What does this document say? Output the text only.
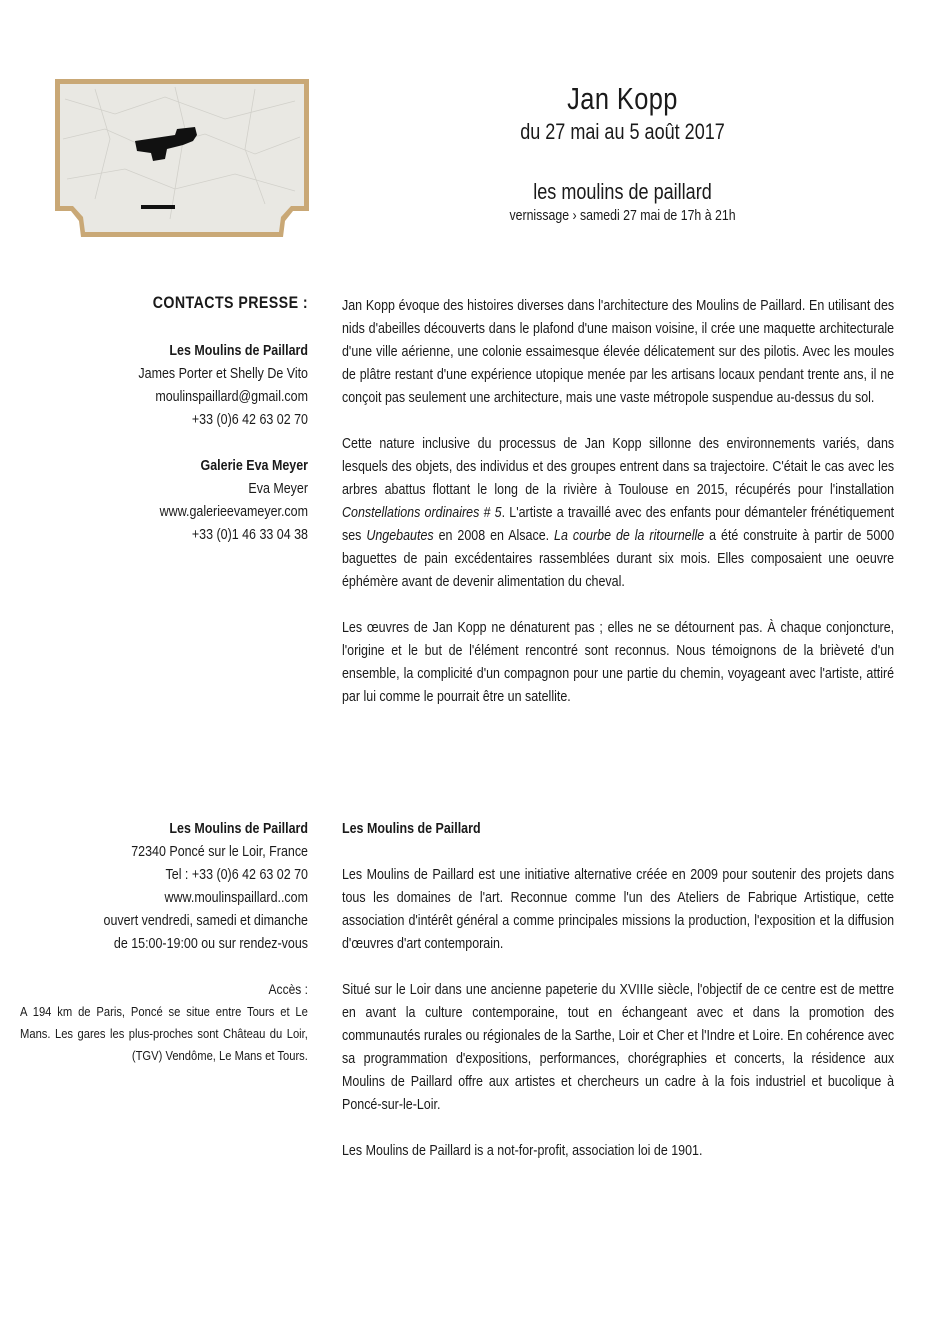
Jan Kopp
du 27 mai au 5 août 2017
les moulins de paillard
vernissage › samedi 27 mai de 17h à 21h
CONTACTS PRESSE :
Les Moulins de Paillard
James Porter et Shelly De Vito
moulinspaillard@gmail.com
+33 (0)6 42 63 02 70
Galerie Eva Meyer
Eva Meyer
www.galerieevameyer.com
+33 (0)1 46 33 04 38

Jan Kopp évoque des histoires diverses dans l'architecture des Moulins de Paillard. En utilisant des nids d'abeilles découverts dans le plafond d'une maison voisine, il crée une maquette architecturale d'une ville aérienne, une colonie essaimesque élevée délicatement sur des pilotis. Avec les moules de plâtre restant d'une expérience utopique menée par les artisans locaux pendant trente ans, il ne conçoit pas seulement une architecture, mais une vaste métropole suspendue au-dessus du sol.

Cette nature inclusive du processus de Jan Kopp sillonne des environnements variés, dans lesquels des objets, des individus et des groupes entrent dans sa trajectoire. C'était le cas avec les arbres abattus flottant le long de la rivière à Toulouse en 2015, récupérés pour l'installation Constellations ordinaires # 5. L'artiste a travaillé avec des enfants pour démanteler frénétiquement ses Ungebautes en 2008 en Alsace. La courbe de la ritournelle a été construite à partir de 5000 baguettes de pain excédentaires rassemblées durant six mois. Elles composaient une oeuvre éphémère avant de devenir alimentation du cheval.

Les œuvres de Jan Kopp ne dénaturent pas ; elles ne se détournent pas. À chaque conjoncture, l'origine et le but de l'élément rencontré sont reconnus. Nous témoignons de la brièveté d'un ensemble, la complicité d'un compagnon pour une partie du chemin, voyageant avec l'artiste, attiré par lui comme le pourrait être un satellite.

Les Moulins de Paillard
72340 Poncé sur le Loir, France
Tel : +33 (0)6 42 63 02 70
www.moulinspaillard..com
ouvert vendredi, samedi et dimanche
de 15:00-19:00 ou sur rendez-vous
Accès :
A 194 km de Paris, Poncé se situe entre Tours et Le Mans. Les gares les plus-proches sont Château du Loir, (TGV) Vendôme, Le Mans et Tours.

Les Moulins de Paillard

Les Moulins de Paillard est une initiative alternative créée en 2009 pour soutenir des projets dans tous les domaines de l'art. Reconnue comme l'un des Ateliers de Fabrique Artistique, cette association d'intérêt général a comme principales missions la production, l'exposition et la diffusion d'œuvres d'art contemporain.

Situé sur le Loir dans une ancienne papeterie du XVIIIe siècle, l'objectif de ce centre est de mettre en avant la culture contemporaine, tout en échangeant avec et dans la promotion des communautés rurales ou régionales de la Sarthe, Loir et Cher et l'Indre et Loire. En cohérence avec sa programmation d'expositions, performances, chorégraphies et concerts, la résidence aux Moulins de Paillard offre aux artistes et chercheurs un cadre à la fois industriel et bucolique à Poncé-sur-le-Loir.

Les Moulins de Paillard is a not-for-profit, association loi de 1901.
